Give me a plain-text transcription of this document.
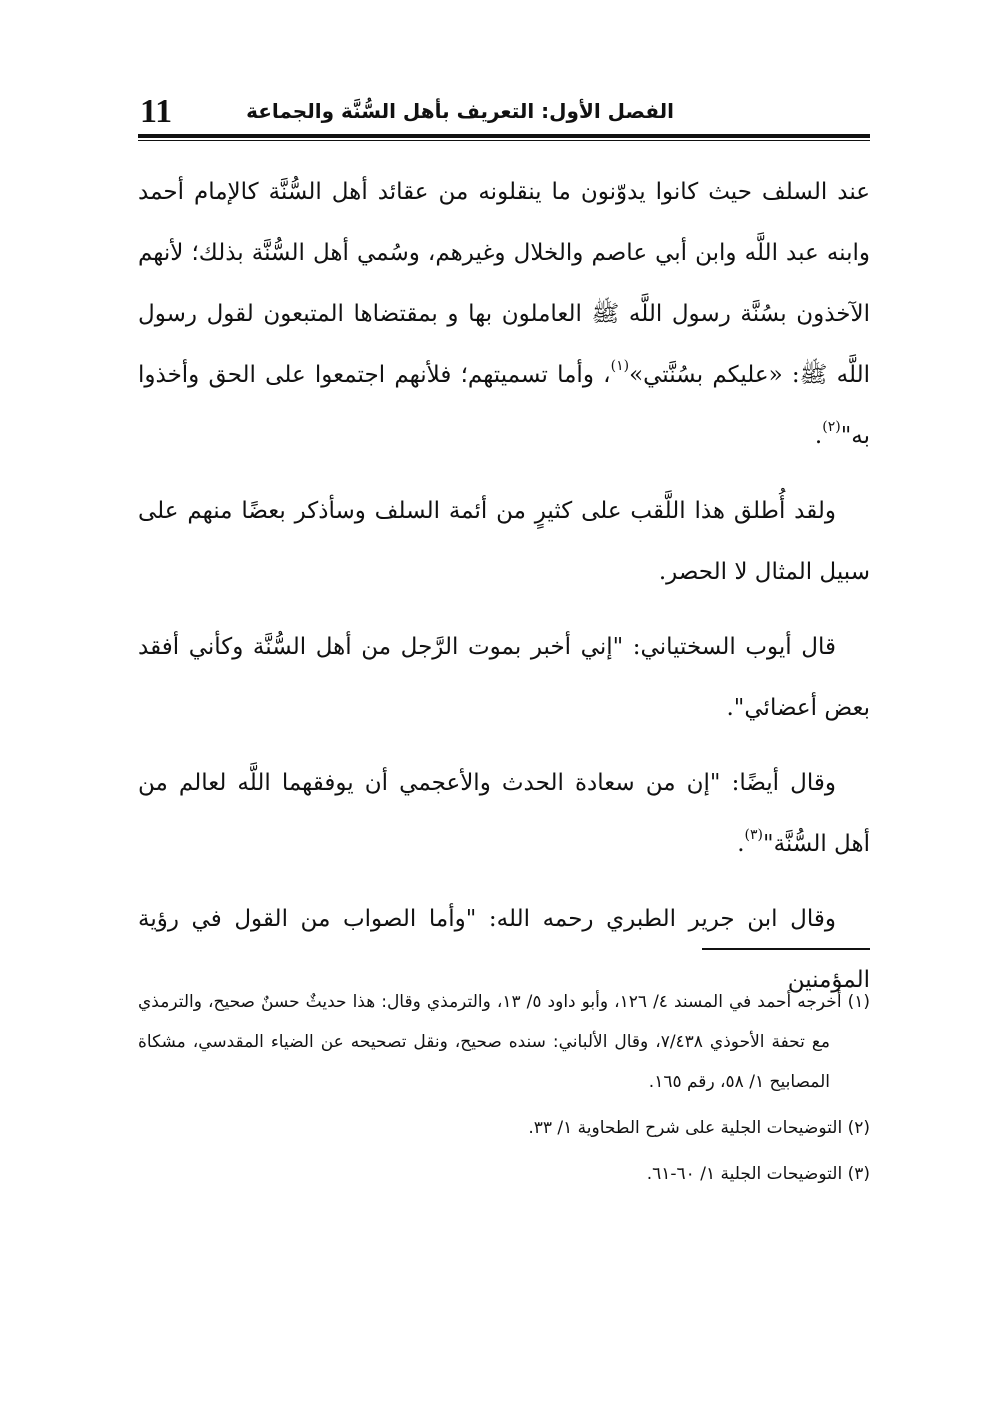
11	الفصل الأول: التعريف بأهل السُّنَّة والجماعة

عند السلف حيث كانوا يدوّنون ما ينقلونه من عقائد أهل السُّنَّة كالإمام أحمد وابنه عبد اللَّه وابن أبي عاصم والخلال وغيرهم، وسُمي أهل السُّنَّة بذلك؛ لأنهم الآخذون بسُنَّة رسول اللَّه ﷺ العاملون بها و بمقتضاها المتبعون لقول رسول اللَّه ﷺ: «عليكم بسُنَّتي»$^{(١)}$، وأما تسميتهم؛ فلأنهم اجتمعوا على الحق وأخذوا به"$^{(٢)}$.

ولقد أُطلق هذا اللَّقب على كثيرٍ من أئمة السلف وسأذكر بعضًا منهم على سبيل المثال لا الحصر.

قال أيوب السختياني: "إني أخبر بموت الرَّجل من أهل السُّنَّة وكأني أفقد بعض أعضائي".

وقال أيضًا: "إن من سعادة الحدث والأعجمي أن يوفقهما اللَّه لعالم من أهل السُّنَّة"$^{(٣)}$.

وقال ابن جرير الطبري رحمه الله: "وأما الصواب من القول في رؤية المؤمنين

(١) أخرجه أحمد في المسند ٤/ ١٢٦، وأبو داود ٥/ ١٣، والترمذي وقال: هذا حديثٌ حسنٌ صحيح، والترمذي مع تحفة الأحوذي ٧/٤٣٨، وقال الألباني: سنده صحيح، ونقل تصحيحه عن الضياء المقدسي، مشكاة المصابيح ١/ ٥٨، رقم ١٦٥.

(٢) التوضيحات الجلية على شرح الطحاوية ١/ ٣٣.

(٣) التوضيحات الجلية ١/ ٦٠-٦١.
